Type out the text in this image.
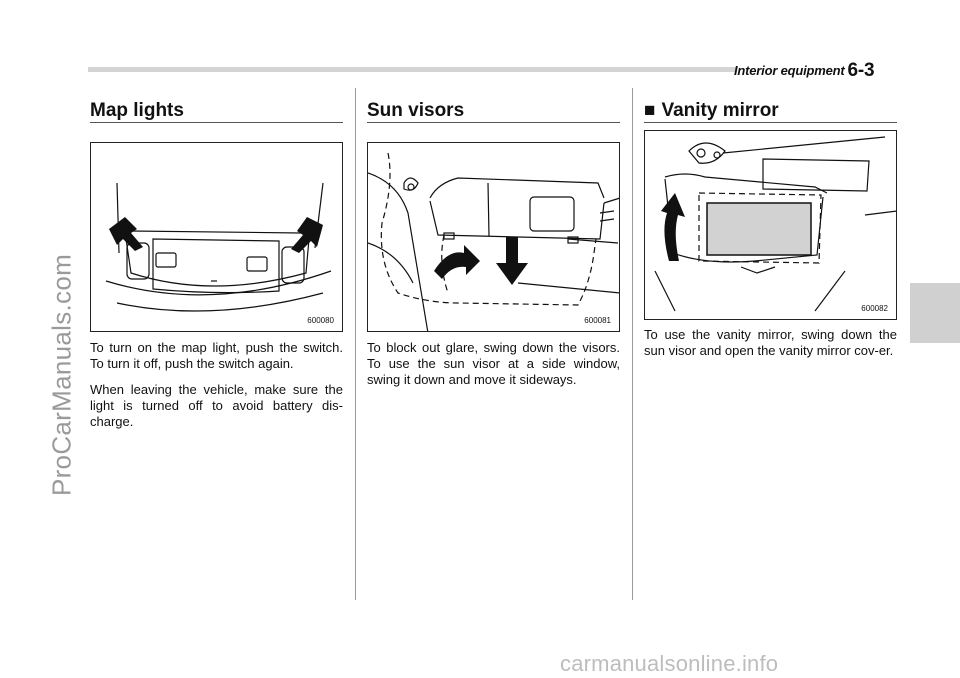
Interior equipment 6-3
ProCarManuals.com
Map lights
600080

To turn on the map light, push the switch. To turn it off, push the switch again.

When leaving the vehicle, make sure the light is turned off to avoid battery dis-charge.

Sun visors
600081

To block out glare, swing down the visors. To use the sun visor at a side window, swing it down and move it sideways.

■ Vanity mirror
600082

To use the vanity mirror, swing down the sun visor and open the vanity mirror cov-er.

carmanualsonline.info
